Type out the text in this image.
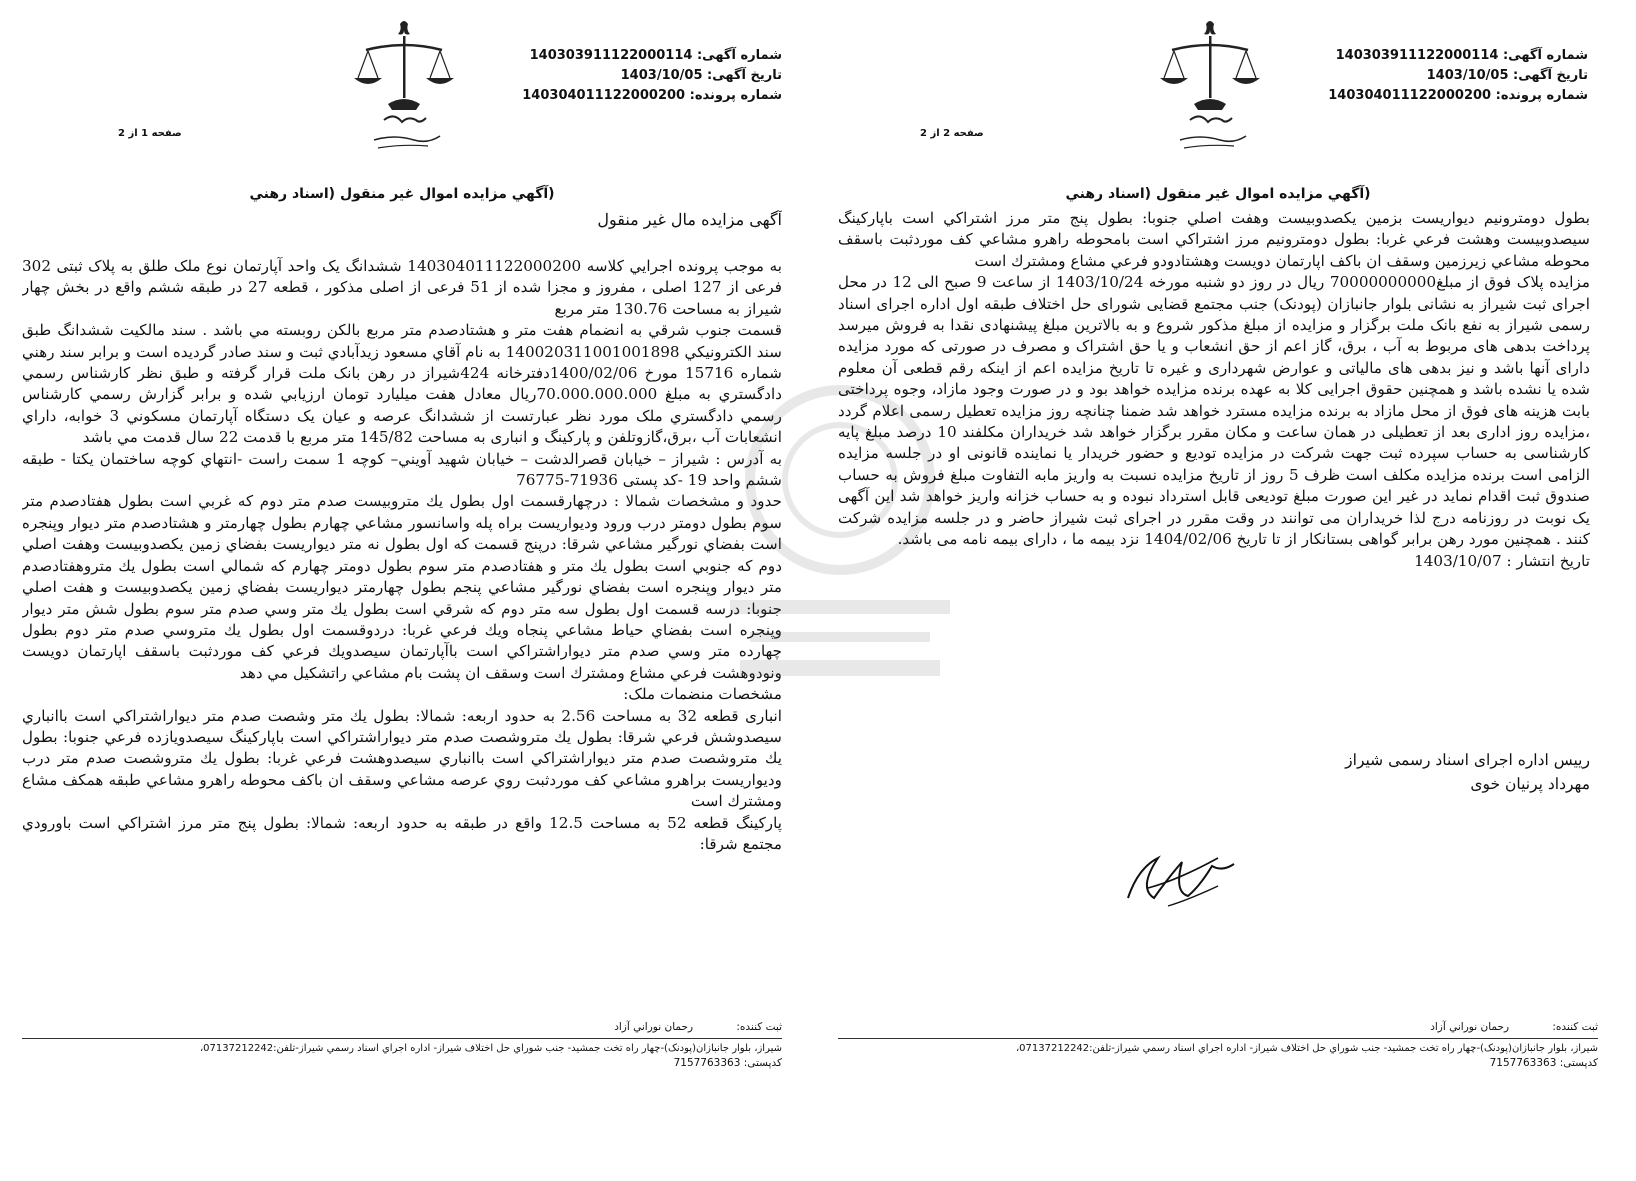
شماره آگهی: 140303911122000114
تاریخ آگهی: 1403/10/05
شماره پرونده: 140304011122000200
صفحه 1 از 2
(آگهي مزايده اموال غير منقول (اسناد رهني
آگهی مزایده مال غیر منقول

به موجب پرونده اجرايي كلاسه 140304011122000200 ششدانگ يک واحد آپارتمان نوع ملک طلق به پلاک ثبتی 302 فرعی از 127 اصلی ، مفروز و مجزا شده از 51 فرعی از اصلی مذکور ، قطعه 27 در طبقه ششم واقع در بخش چهار شیراز به مساحت 130.76 متر مربع

قسمت جنوب شرقي به انضمام هفت متر و هشتادصدم متر مربع بالکن روبسته مي باشد . سند مالکيت ششدانگ طبق سند الکترونيکي 140020311001001898 به نام آقاي مسعود زيدآبادي ثبت و سند صادر گرديده است و برابر سند رهني شماره 15716 مورخ 1400/02/06دفترخانه 424شيراز در رهن بانک ملت قرار گرفته و طبق نظر کارشناس رسمي دادگستري به مبلغ 70.000.000.000ريال معادل هفت ميليارد تومان ارزيابي شده و برابر گزارش رسمي كارشناس رسمي دادگستري ملک مورد نظر عبارتست از ششدانگ عرصه و عيان يک دستگاه آپارتمان مسکوني 3 خوابه، داراي انشعابات آب ،برق،گازوتلفن و پارکينگ و انباری به مساحت 145/82 متر مربع با قدمت 22 سال قدمت مي باشد

به آدرس : شيراز – خيابان قصرالدشت – خيابان شهيد آويني– کوچه 1 سمت راست -انتهاي کوچه ساختمان يکتا - طبقه ششم واحد 19 -کد پستی 71936-76775

حدود و مشخصات شمالا : درچهارقسمت اول بطول يك متروبيست صدم متر دوم كه غربي است بطول هفتادصدم متر سوم بطول دومتر درب ورود وديواريست براه پله واسانسور مشاعي چهارم بطول چهارمتر و هشتادصدم متر ديوار وپنجره است بفضاي نورگير مشاعي شرقا: درپنج قسمت كه اول بطول نه متر ديواريست بفضاي زمين يكصدوبيست وهفت اصلي دوم كه جنوبي است بطول يك متر و هفتادصدم متر سوم بطول دومتر چهارم كه شمالي است بطول يك متروهفتادصدم متر ديوار وپنجره است بفضاي نورگير مشاعي پنجم بطول چهارمتر ديواريست بفضاي زمين يكصدوبيست و هفت اصلي جنوبا: درسه قسمت اول بطول سه متر دوم كه شرقي است بطول يك متر وسي صدم متر سوم بطول شش متر ديوار وپنجره است بفضاي حياط مشاعي پنجاه ويك فرعي غربا: دردوقسمت اول بطول يك متروسي صدم متر دوم بطول چهارده متر وسي صدم متر ديواراشتراكي است باآپارتمان سيصدويك فرعي كف موردثبت باسقف اپارتمان دويست ونودوهشت فرعي مشاع ومشترك است وسقف ان پشت بام مشاعي راتشكيل مي دهد

مشخصات منضمات ملک:

انباری قطعه 32 به مساحت 2.56 به حدود اربعه: شمالا: بطول يك متر وشصت صدم متر ديواراشتراكي است باانباري سيصدوشش فرعي شرقا: بطول يك متروشصت صدم متر ديواراشتراكي است باپاركينگ سيصدويازده فرعي جنوبا: بطول يك متروشصت صدم متر ديواراشتراكي است باانباري سيصدوهشت فرعي غربا: بطول يك متروشصت صدم متر درب وديواريست براهرو مشاعي كف موردثبت روي عرصه مشاعي وسقف ان باكف محوطه راهرو مشاعي طبقه همكف مشاع ومشترك است

پارکينگ قطعه 52 به مساحت 12.5 واقع در طبقه به حدود اربعه: شمالا: بطول پنج متر مرز اشتراكي است باورودي مجتمع شرقا:

ثبت کننده: رحمان نوراني آزاد
شيراز، بلوار جانبازان(پودنک)-چهار راه تخت جمشيد- جنب شوراي حل اختلاف شيراز- اداره اجراي اسناد رسمي شيراز-تلفن:07137212242،
کدپستی: 7157763363
شماره آگهی: 140303911122000114
تاریخ آگهی: 1403/10/05
شماره پرونده: 140304011122000200
صفحه 2 از 2
(آگهي مزايده اموال غير منقول (اسناد رهني

بطول دومترونيم ديواريست بزمين يكصدوبيست وهفت اصلي جنوبا: بطول پنج متر مرز اشتراكي است باپاركينگ سيصدوبيست وهشت فرعي غربا: بطول دومترونيم مرز اشتراكي است بامحوطه راهرو مشاعي كف موردثبت باسقف محوطه مشاعي زيرزمين وسقف ان باكف اپارتمان دويست وهشتادودو فرعي مشاع ومشترك است

مزايده پلاک فوق از مبلغ70000000000 ريال در روز دو شنبه مورخه 1403/10/24 از ساعت 9 صبح الی 12 در محل اجرای ثبت شيراز به نشانی بلوار جانبازان (پودنک) جنب مجتمع قضايی شورای حل اختلاف طبقه اول اداره اجرای اسناد رسمی شيراز به نفع بانک ملت برگزار و مزايده از مبلغ مذکور شروع و به بالاترين مبلغ پيشنهادی نقدا به فروش ميرسد پرداخت بدهی های مربوط به آب ، برق، گاز اعم از حق انشعاب و يا حق اشتراک و مصرف در صورتی که مورد مزايده دارای آنها باشد و نيز بدهی های مالياتی و عوارض شهرداری و غيره تا تاريخ مزايده اعم از اينکه رقم قطعی آن معلوم شده يا نشده باشد و همچنين حقوق اجرايی کلا به عهده برنده مزايده خواهد بود و در صورت وجود مازاد، وجوه پرداختی بابت هزينه های فوق از محل مازاد به برنده مزايده مسترد خواهد شد ضمنا چنانچه روز مزايده تعطيل رسمی اعلام گردد ،مزايده روز اداری بعد از تعطيلی در همان ساعت و مکان مقرر برگزار خواهد شد خريداران مکلفند 10 درصد مبلغ پايه کارشناسی به حساب سپرده ثبت جهت شرکت در مزايده توديع و حضور خريدار يا نماينده قانونی او در جلسه مزايده الزامی است برنده مزايده مکلف است ظرف 5 روز از تاريخ مزايده نسبت به واريز مابه التفاوت مبلغ فروش به حساب صندوق ثبت اقدام نمايد در غير اين صورت مبلغ توديعی قابل استرداد نبوده و به حساب خزانه واريز خواهد شد اين آگهی يک نوبت در روزنامه درج لذا خريداران می توانند در وقت مقرر در اجرای ثبت شيراز حاضر و در جلسه مزايده شرکت کنند . همچنين مورد رهن برابر گواهی بستانکار از تا تاريخ 1404/02/06 نزد بيمه ما ، دارای بيمه نامه می باشد.

تاریخ انتشار : 1403/10/07

رییس اداره اجرای اسناد رسمی شیراز
مهرداد پرنیان خوی
ثبت کننده: رحمان نوراني آزاد
شيراز، بلوار جانبازان(پودنک)-چهار راه تخت جمشيد- جنب شوراي حل اختلاف شيراز- اداره اجراي اسناد رسمي شيراز-تلفن:07137212242،
کدپستی: 7157763363
